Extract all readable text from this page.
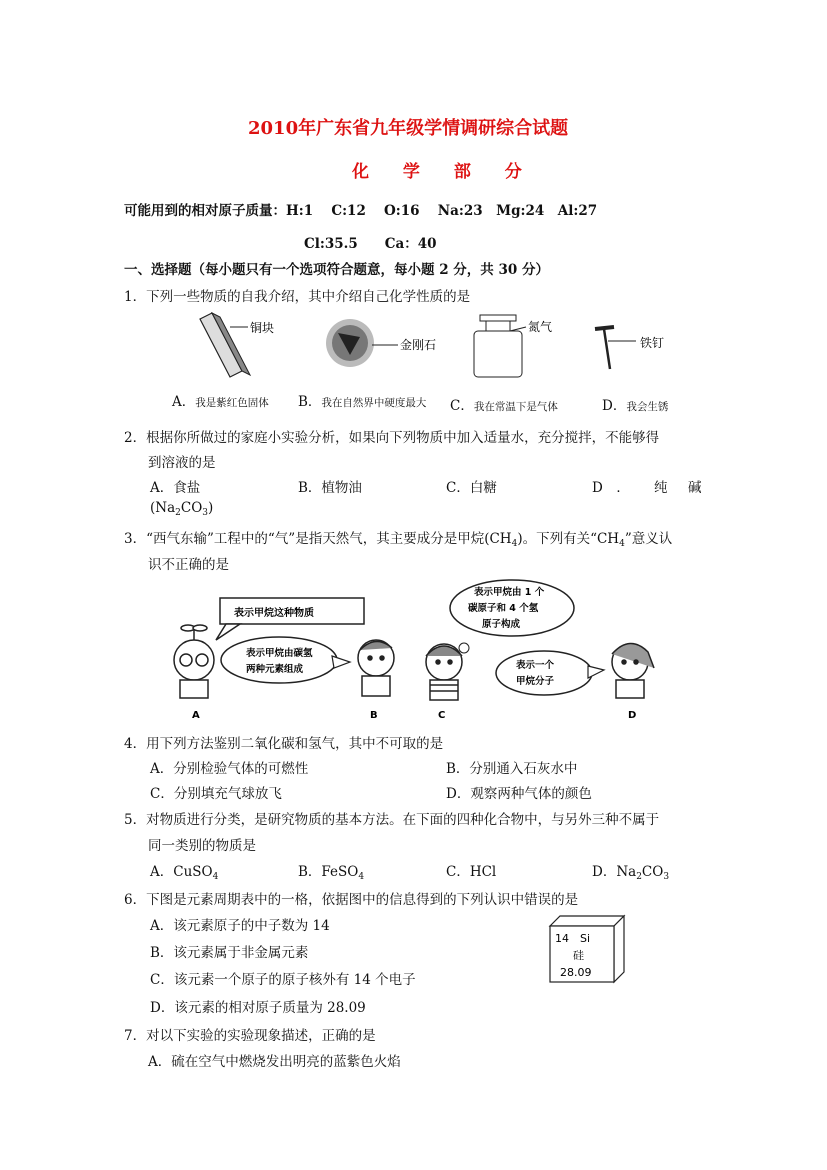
2010年广东省九年级学情调研综合试题
化 学 部 分
可能用到的相对原子质量：H:1　 C:12　 O:16　 Na:23　Mg:24　Al:27
Cl:35.5　　Ca：40
一、选择题（每小题只有一个选项符合题意，每小题 2 分，共 30 分）
1．下列一些物质的自我介绍，其中介绍自己化学性质的是
铜块
金刚石
氮气
铁钉
A．我是紫红色固体 B．我在自然界中硬度最大 C．我在常温下是气体	D．我会生锈
2．根据你所做过的家庭小实验分析，如果向下列物质中加入适量水，充分搅拌，不能够得
到溶液的是
A．食盐	B．植物油	C．白糖	D　． 纯 碱
$(Na_2CO_3)$
3．“西气东输”工程中的“气”是指天然气，其主要成分是甲烷$(CH_4)$。下列有关“$CH_4$”意义认
识不正确的是
表示甲烷这种物质
表示甲烷由碳氢
两种元素组成
表示甲烷由 1 个
碳原子和 4 个氢
原子构成
表示一个
甲烷分子
A	B	C	D
4．用下列方法鉴别二氧化碳和氢气，其中不可取的是
A．分别检验气体的可燃性	B．分别通入石灰水中
C．分别填充气球放飞	D．观察两种气体的颜色
5．对物质进行分类，是研究物质的基本方法。在下面的四种化合物中，与另外三种不属于
同一类别的物质是
A．CuSO$_4$	B．FeSO$_4$	C．HCl	D．$Na_2CO_3$
6．下图是元素周期表中的一格，依据图中的信息得到的下列认识中错误的是
A．该元素原子的中子数为 14
B．该元素属于非金属元素
C．该元素一个原子的原子核外有 14 个电子
D．该元素的相对原子质量为 28.09
14 Si
硅
28.09
7．对以下实验的实验现象描述，正确的是
A．硫在空气中燃烧发出明亮的蓝紫色火焰
